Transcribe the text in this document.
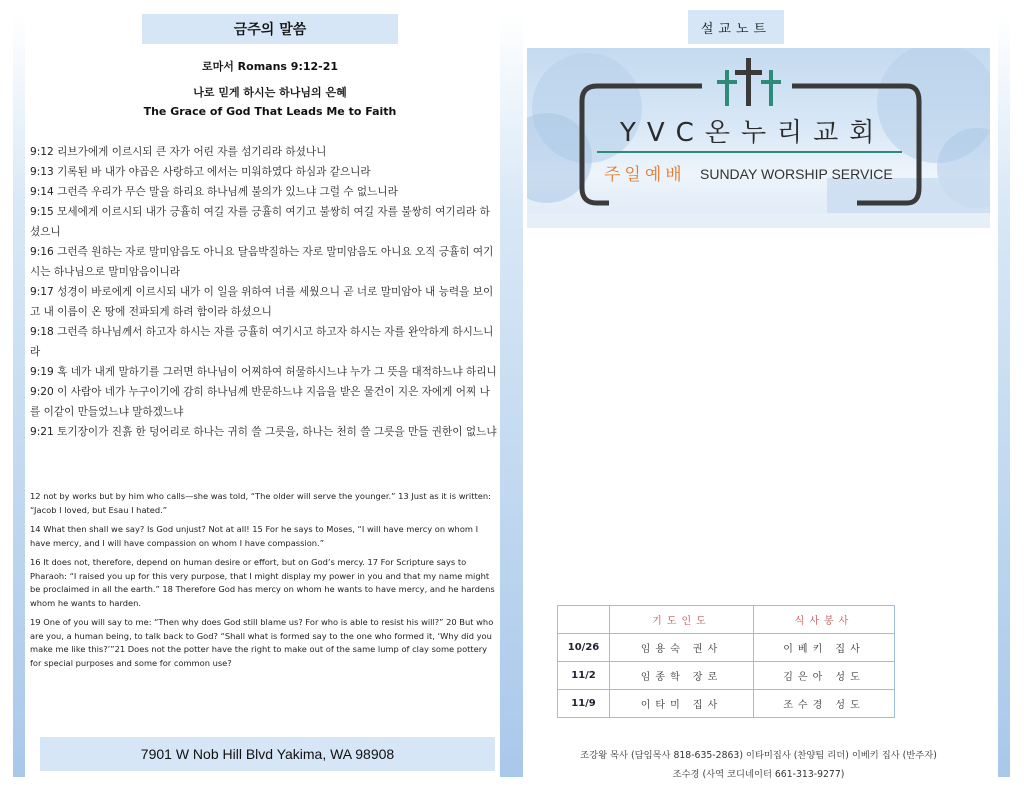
금주의 말씀
로마서 Romans 9:12-21
나로 믿게 하시는 하나님의 은혜
The Grace of God That Leads Me to Faith

9:12 리브가에게 이르시되 큰 자가 어린 자를 섬기리라 하셨나니

9:13 기록된 바 내가 야곱은 사랑하고 에서는 미워하였다 하심과 같으니라

9:14 그런즉 우리가 무슨 말을 하리요 하나님께 불의가 있느냐 그럴 수 없느니라

9:15 모세에게 이르시되 내가 긍휼히 여길 자를 긍휼히 여기고 불쌍히 여길 자를 불쌍히 여기리라 하셨으니

9:16 그런즉 원하는 자로 말미암음도 아니요 달음박질하는 자로 말미암음도 아니요 오직 긍휼히 여기시는 하나님으로 말미암음이니라

9:17 성경이 바로에게 이르시되 내가 이 일을 위하여 너를 세웠으니 곧 너로 말미암아 내 능력을 보이고 내 이름이 온 땅에 전파되게 하려 함이라 하셨으니

9:18 그런즉 하나님께서 하고자 하시는 자를 긍휼히 여기시고 하고자 하시는 자를 완악하게 하시느니라

9:19 혹 네가 내게 말하기를 그러면 하나님이 어찌하여 허물하시느냐 누가 그 뜻을 대적하느냐 하리니

9:20 이 사람아 네가 누구이기에 감히 하나님께 반문하느냐 지음을 받은 물건이 지은 자에게 어찌 나를 이같이 만들었느냐 말하겠느냐

9:21 토기장이가 진흙 한 덩어리로 하나는 귀히 쓸 그릇을, 하나는 천히 쓸 그릇을 만들 권한이 없느냐

12 not by works but by him who calls—she was told, “The older will serve the younger.” 13 Just as it is written: “Jacob I loved, but Esau I hated.”

14 What then shall we say? Is God unjust? Not at all! 15 For he says to Moses, “I will have mercy on whom I have mercy, and I will have compassion on whom I have compassion.”

16 It does not, therefore, depend on human desire or effort, but on God’s mercy. 17 For Scripture says to Pharaoh: “I raised you up for this very purpose, that I might display my power in you and that my name might be proclaimed in all the earth.” 18 Therefore God has mercy on whom he wants to have mercy, and he hardens whom he wants to harden.

19 One of you will say to me: “Then why does God still blame us? For who is able to resist his will?” 20 But who are you, a human being, to talk back to God? “Shall what is formed say to the one who formed it, ‘Why did you make me like this?’”21 Does not the potter have the right to make out of the same lump of clay some pottery for special purposes and some for common use?

7901 W Nob Hill Blvd Yakima, WA 98908
설교노트
YVC온누리교회
주일예배 SUNDAY WORSHIP SERVICE
	기도인도	식사봉사
10/26	임용숙 권사	이베키 집사
11/2	임종학 장로	김은아 성도
11/9	이타미 집사	조수경 성도
조강왕 목사 (담임목사 818-635-2863) 이타미집사 (찬양팀 리더) 이베키 집사 (반주자)
조수경 (사역 코디네이터 661-313-9277)
